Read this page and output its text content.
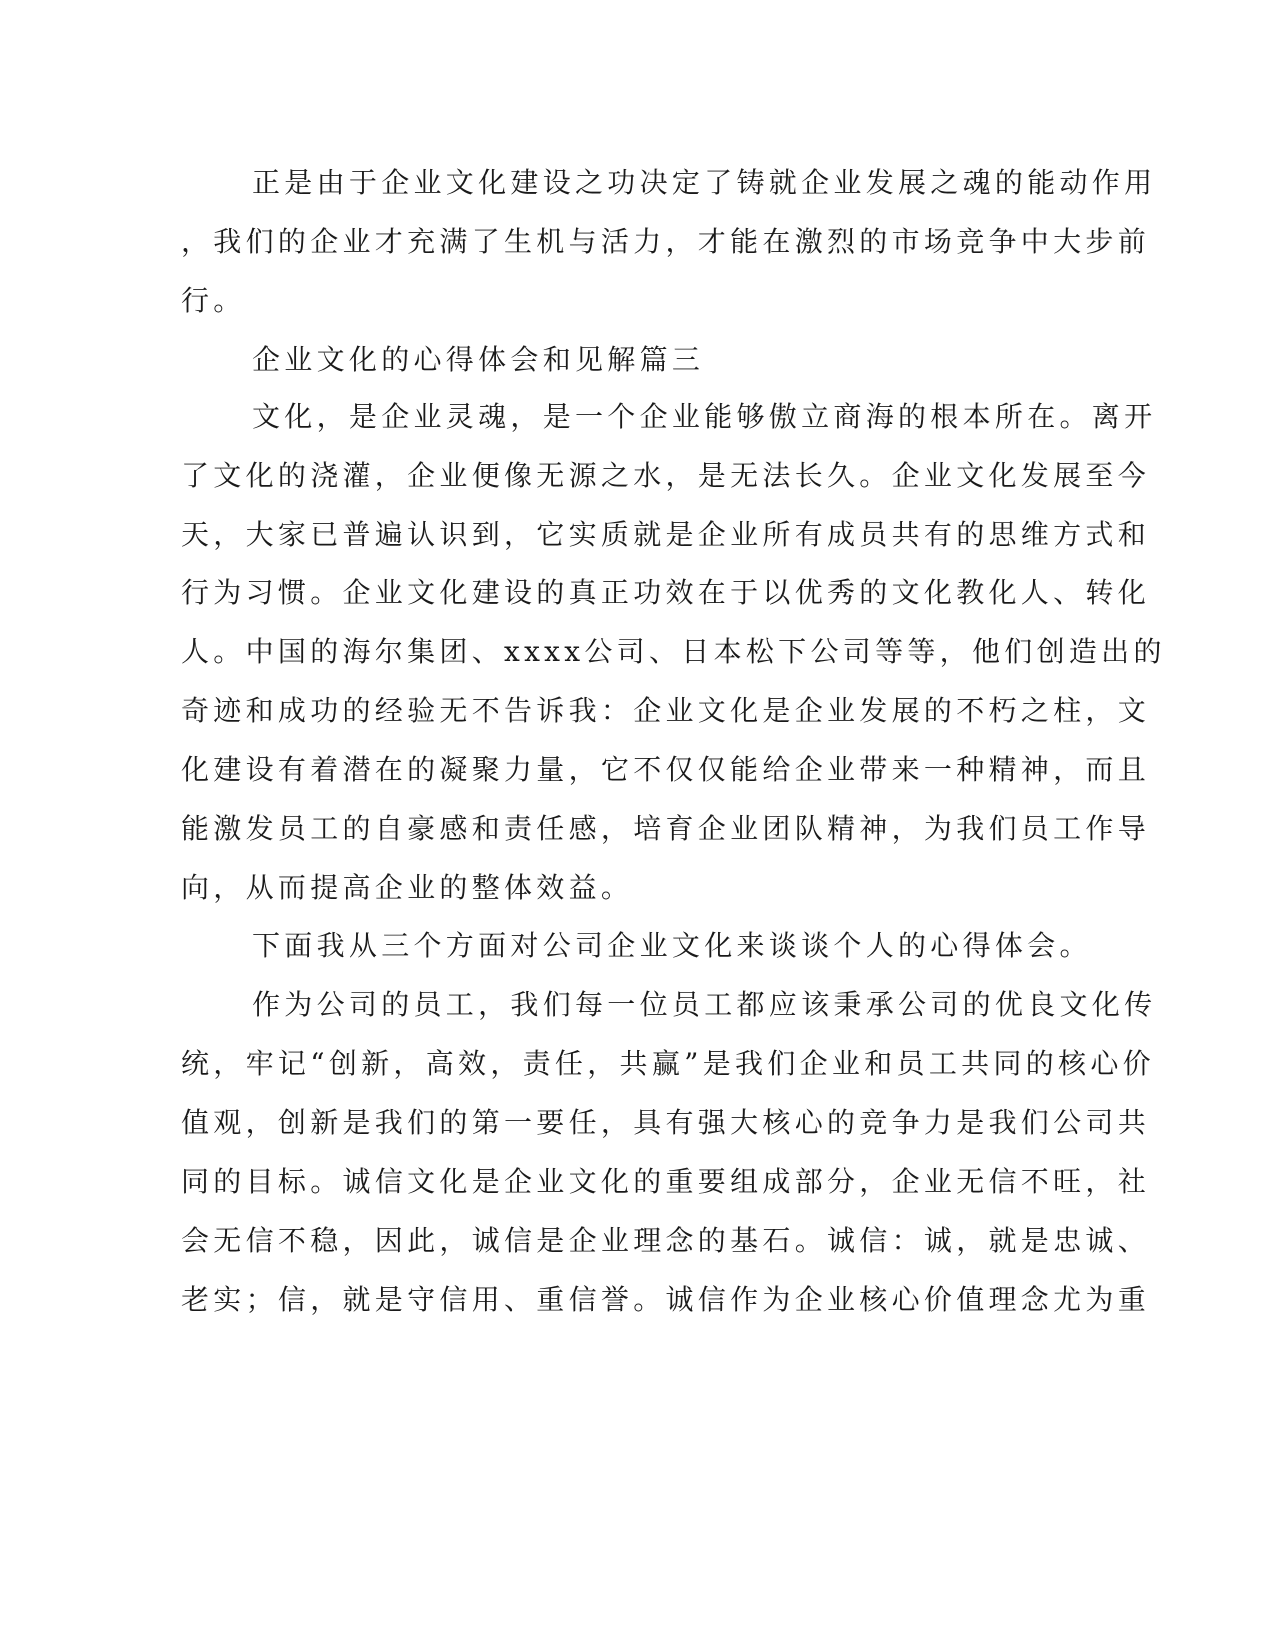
正是由于企业文化建设之功决定了铸就企业发展之魂的能动作用

，我们的企业才充满了生机与活力，才能在激烈的市场竞争中大步前

行。

企业文化的心得体会和见解篇三

文化，是企业灵魂，是一个企业能够傲立商海的根本所在。离开

了文化的浇灌，企业便像无源之水，是无法长久。企业文化发展至今

天，大家已普遍认识到，它实质就是企业所有成员共有的思维方式和

行为习惯。企业文化建设的真正功效在于以优秀的文化教化人、转化

人。中国的海尔集团、xxxx公司、日本松下公司等等，他们创造出的

奇迹和成功的经验无不告诉我：企业文化是企业发展的不朽之柱，文

化建设有着潜在的凝聚力量，它不仅仅能给企业带来一种精神，而且

能激发员工的自豪感和责任感，培育企业团队精神，为我们员工作导

向，从而提高企业的整体效益。

下面我从三个方面对公司企业文化来谈谈个人的心得体会。

作为公司的员工，我们每一位员工都应该秉承公司的优良文化传

统，牢记“创新，高效，责任，共赢”是我们企业和员工共同的核心价

值观，创新是我们的第一要任，具有强大核心的竞争力是我们公司共

同的目标。诚信文化是企业文化的重要组成部分，企业无信不旺，社

会无信不稳，因此，诚信是企业理念的基石。诚信：诚，就是忠诚、

老实；信，就是守信用、重信誉。诚信作为企业核心价值理念尤为重
